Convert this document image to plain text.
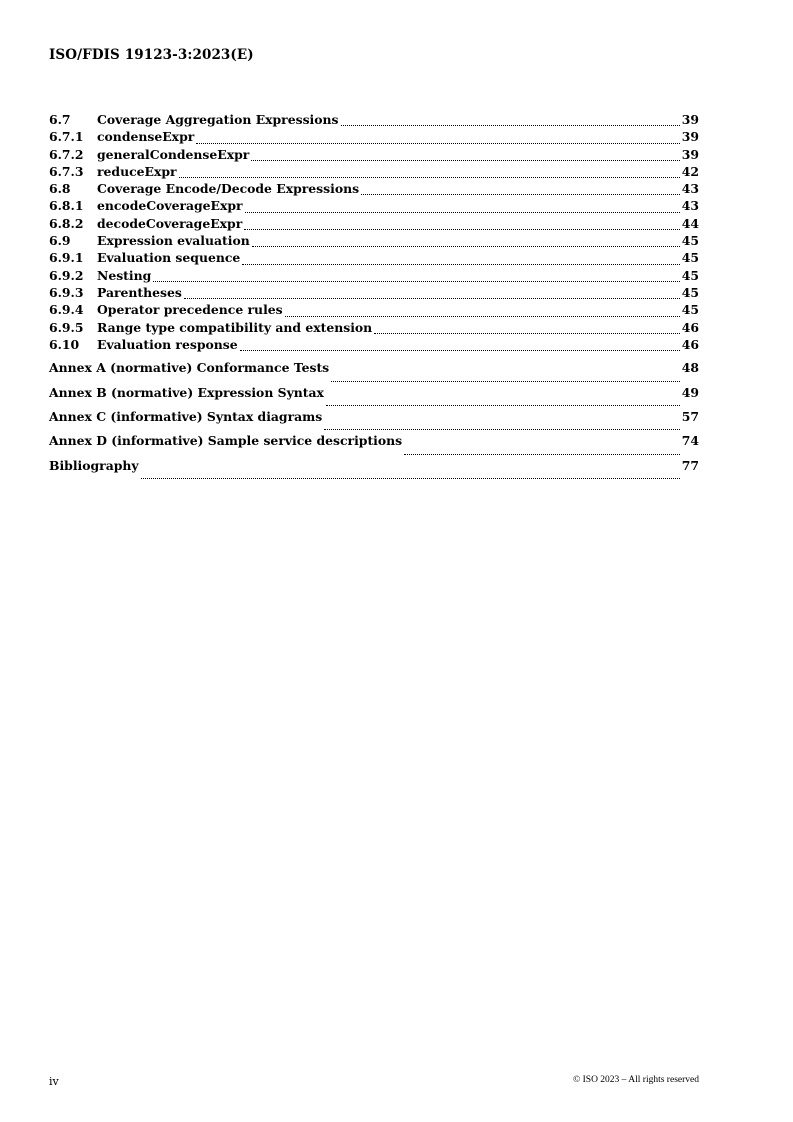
ISO/FDIS 19123-3:2023(E)
6.7	Coverage Aggregation Expressions	39
6.7.1	condenseExpr	39
6.7.2	generalCondenseExpr	39
6.7.3	reduceExpr	42
6.8	Coverage Encode/Decode Expressions	43
6.8.1	encodeCoverageExpr	43
6.8.2	decodeCoverageExpr	44
6.9	Expression evaluation	45
6.9.1	Evaluation sequence	45
6.9.2	Nesting	45
6.9.3	Parentheses	45
6.9.4	Operator precedence rules	45
6.9.5	Range type compatibility and extension	46
6.10	Evaluation response	46
Annex A (normative) Conformance Tests	48
Annex B (normative) Expression Syntax	49
Annex C (informative) Syntax diagrams	57
Annex D (informative) Sample service descriptions	74
Bibliography	77
iv	© ISO 2023 – All rights reserved
